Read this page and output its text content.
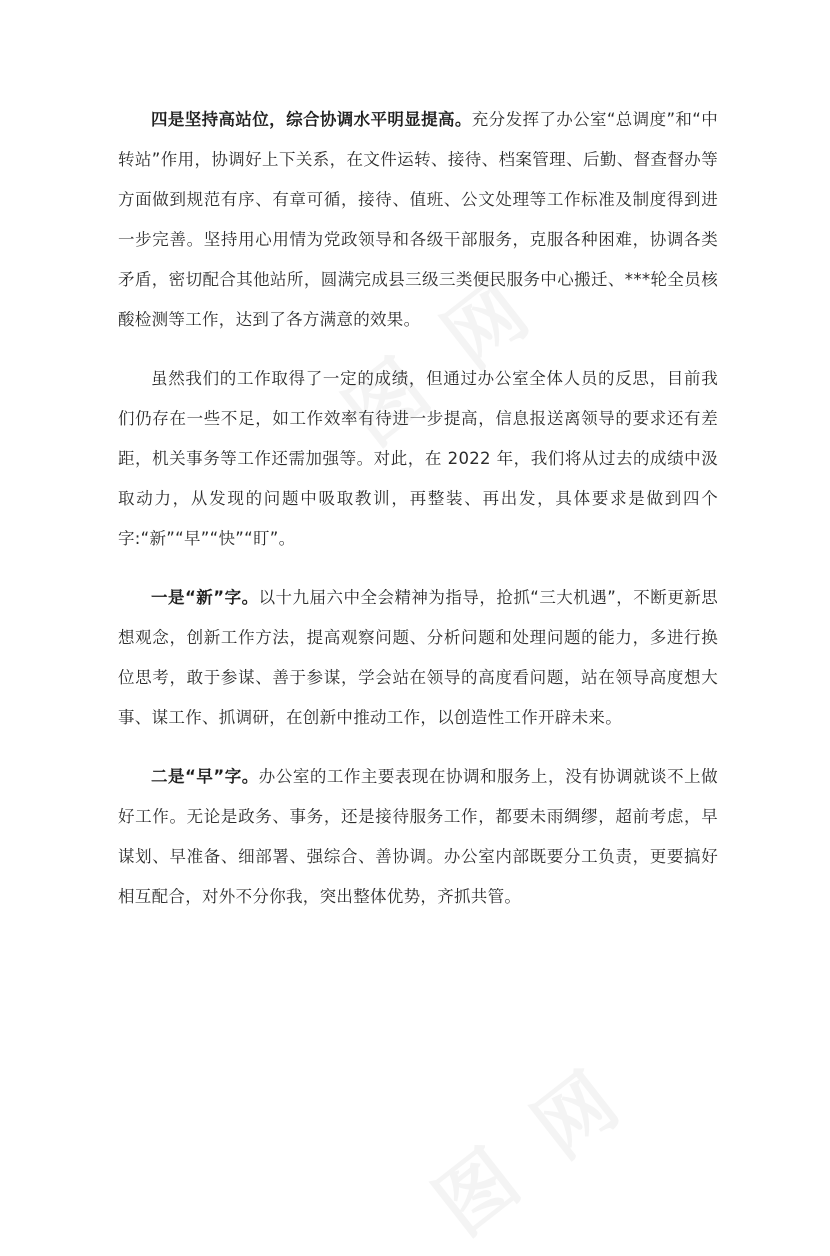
四是坚持高站位，综合协调水平明显提高。充分发挥了办公室“总调度”和“中转站”作用，协调好上下关系，在文件运转、接待、档案管理、后勤、督查督办等方面做到规范有序、有章可循，接待、值班、公文处理等工作标准及制度得到进一步完善。坚持用心用情为党政领导和各级干部服务，克服各种困难，协调各类矛盾，密切配合其他站所，圆满完成县三级三类便民服务中心搬迁、***轮全员核酸检测等工作，达到了各方满意的效果。

虽然我们的工作取得了一定的成绩，但通过办公室全体人员的反思，目前我们仍存在一些不足，如工作效率有待进一步提高，信息报送离领导的要求还有差距，机关事务等工作还需加强等。对此，在 2022 年，我们将从过去的成绩中汲取动力，从发现的问题中吸取教训，再整装、再出发，具体要求是做到四个字:“新”“早”“快”“盯”。

一是“新”字。以十九届六中全会精神为指导，抢抓“三大机遇”，不断更新思想观念，创新工作方法，提高观察问题、分析问题和处理问题的能力，多进行换位思考，敢于参谋、善于参谋，学会站在领导的高度看问题，站在领导高度想大事、谋工作、抓调研，在创新中推动工作，以创造性工作开辟未来。

二是“早”字。办公室的工作主要表现在协调和服务上，没有协调就谈不上做好工作。无论是政务、事务，还是接待服务工作，都要未雨绸缪，超前考虑，早谋划、早准备、细部署、强综合、善协调。办公室内部既要分工负责，更要搞好相互配合，对外不分你我，突出整体优势，齐抓共管。
